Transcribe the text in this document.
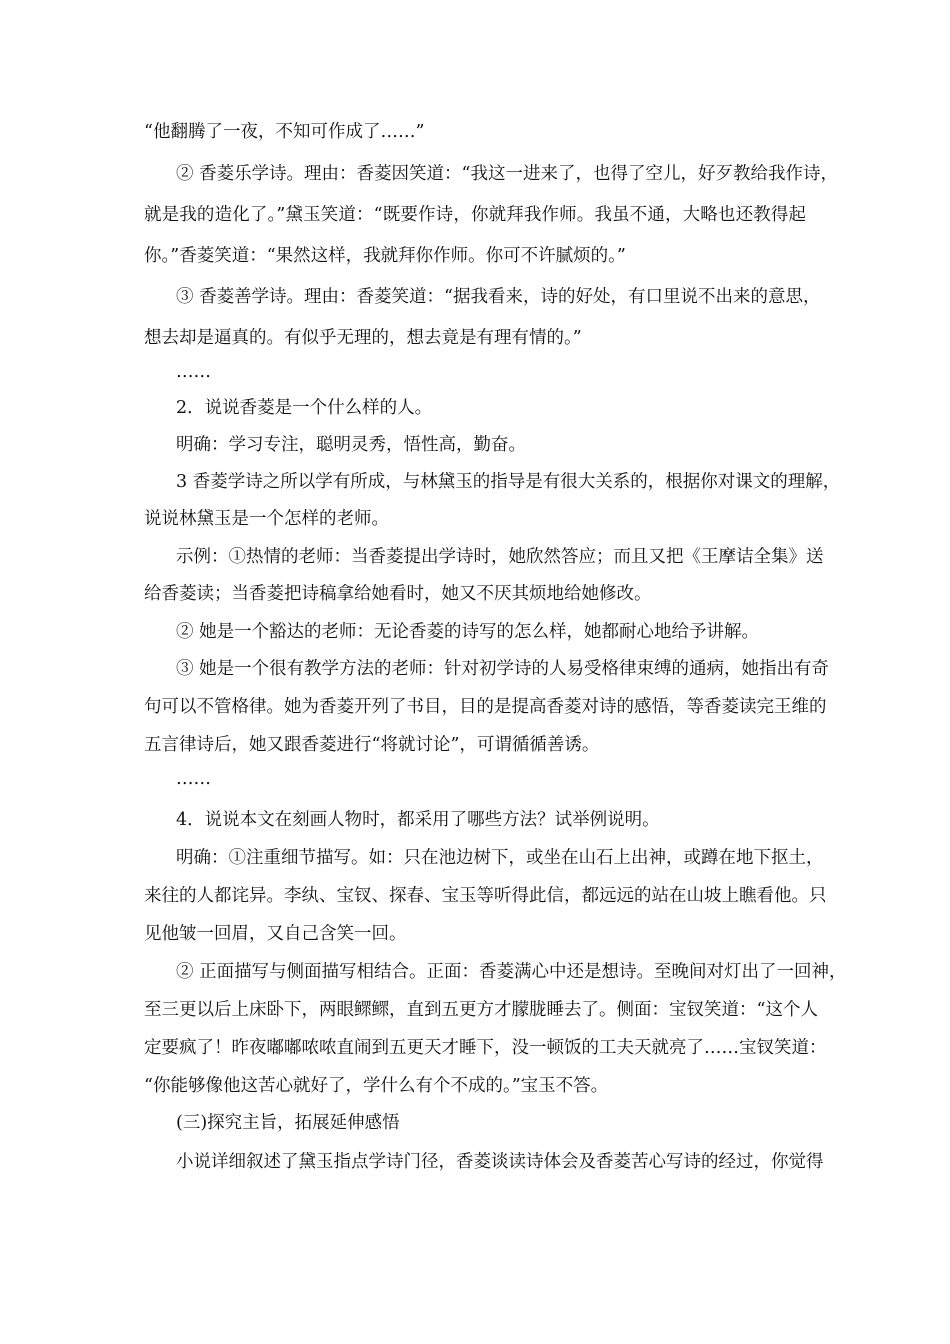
“他翻腾了一夜，不知可作成了……”
② 香菱乐学诗。理由：香菱因笑道：“我这一进来了，也得了空儿，好歹教给我作诗，
就是我的造化了。”黛玉笑道：“既要作诗，你就拜我作师。我虽不通，大略也还教得起
你。”香菱笑道：“果然这样，我就拜你作师。你可不许腻烦的。”
③ 香菱善学诗。理由：香菱笑道：“据我看来，诗的好处，有口里说不出来的意思，
想去却是逼真的。有似乎无理的，想去竟是有理有情的。”
……
2．说说香菱是一个什么样的人。
明确：学习专注，聪明灵秀，悟性高，勤奋。
3 香菱学诗之所以学有所成，与林黛玉的指导是有很大关系的，根据你对课文的理解，
说说林黛玉是一个怎样的老师。
示例：①热情的老师：当香菱提出学诗时，她欣然答应；而且又把《王摩诘全集》送
给香菱读；当香菱把诗稿拿给她看时，她又不厌其烦地给她修改。
② 她是一个豁达的老师：无论香菱的诗写的怎么样，她都耐心地给予讲解。
③ 她是一个很有教学方法的老师：针对初学诗的人易受格律束缚的通病，她指出有奇
句可以不管格律。她为香菱开列了书目，目的是提高香菱对诗的感悟，等香菱读完王维的
五言律诗后，她又跟香菱进行“将就讨论”，可谓循循善诱。
……
4．说说本文在刻画人物时，都采用了哪些方法？试举例说明。
明确：①注重细节描写。如：只在池边树下，或坐在山石上出神，或蹲在地下抠土，
来往的人都诧异。李纨、宝钗、探春、宝玉等听得此信，都远远的站在山坡上瞧看他。只
见他皱一回眉，又自己含笑一回。
② 正面描写与侧面描写相结合。正面：香菱满心中还是想诗。至晚间对灯出了一回神，
至三更以后上床卧下，两眼鳏鳏，直到五更方才朦胧睡去了。侧面：宝钗笑道：“这个人
定要疯了！昨夜嘟嘟哝哝直闹到五更天才睡下，没一顿饭的工夫天就亮了……宝钗笑道：
“你能够像他这苦心就好了，学什么有个不成的。”宝玉不答。
(三)探究主旨，拓展延伸感悟
小说详细叙述了黛玉指点学诗门径，香菱谈读诗体会及香菱苦心写诗的经过，你觉得
